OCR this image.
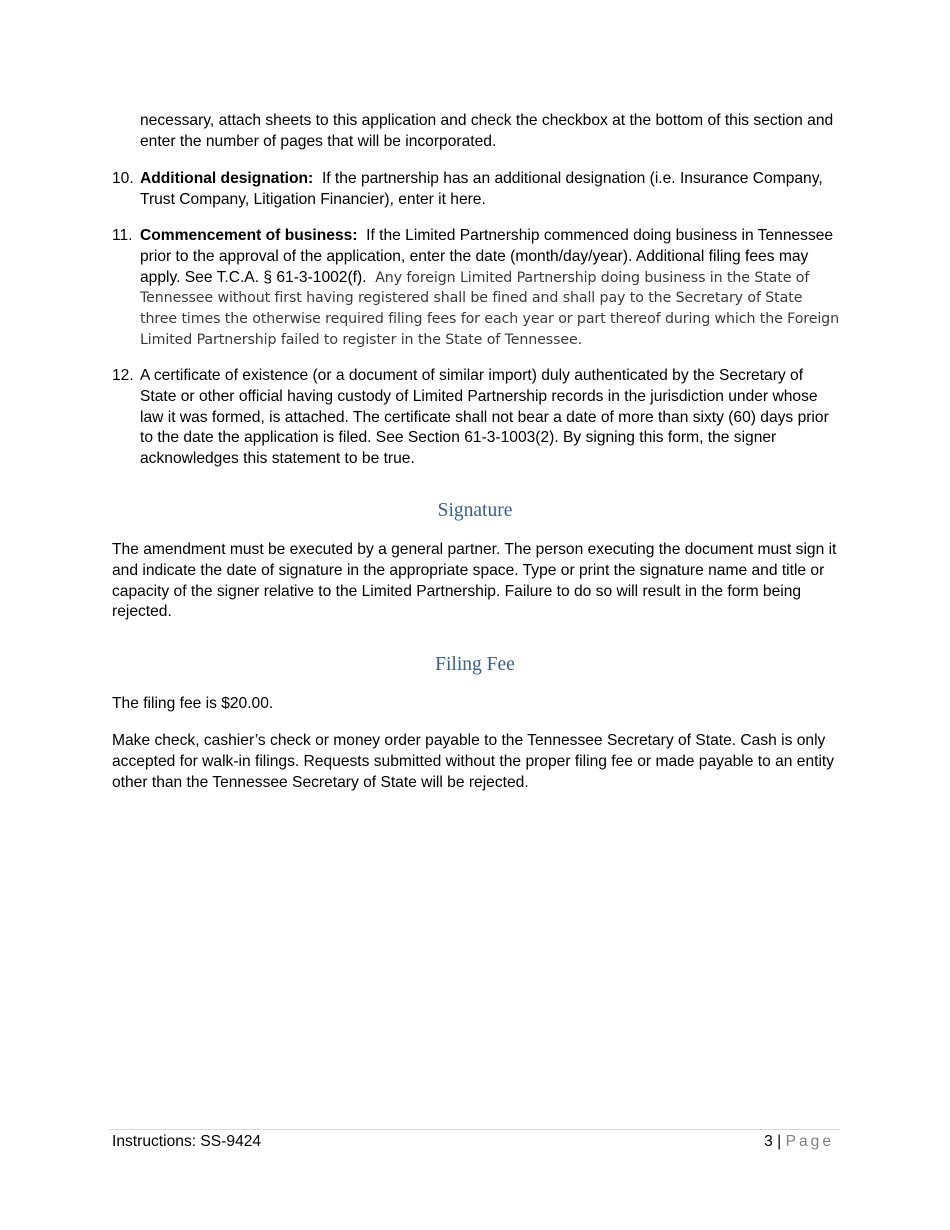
necessary, attach sheets to this application and check the checkbox at the bottom of this section and enter the number of pages that will be incorporated.

10. Additional designation: If the partnership has an additional designation (i.e. Insurance Company, Trust Company, Litigation Financier), enter it here.
11. Commencement of business: If the Limited Partnership commenced doing business in Tennessee prior to the approval of the application, enter the date (month/day/year). Additional filing fees may apply. See T.C.A. § 61-3-1002(f). Any foreign Limited Partnership doing business in the State of Tennessee without first having registered shall be fined and shall pay to the Secretary of State three times the otherwise required filing fees for each year or part thereof during which the Foreign Limited Partnership failed to register in the State of Tennessee.
12. A certificate of existence (or a document of similar import) duly authenticated by the Secretary of State or other official having custody of Limited Partnership records in the jurisdiction under whose law it was formed, is attached. The certificate shall not bear a date of more than sixty (60) days prior to the date the application is filed. See Section 61-3-1003(2). By signing this form, the signer acknowledges this statement to be true.
Signature

The amendment must be executed by a general partner. The person executing the document must sign it and indicate the date of signature in the appropriate space. Type or print the signature name and title or capacity of the signer relative to the Limited Partnership. Failure to do so will result in the form being rejected.

Filing Fee

The filing fee is $20.00.

Make check, cashier’s check or money order payable to the Tennessee Secretary of State. Cash is only accepted for walk-in filings. Requests submitted without the proper filing fee or made payable to an entity other than the Tennessee Secretary of State will be rejected.

Instructions: SS-9424	3 | Page
